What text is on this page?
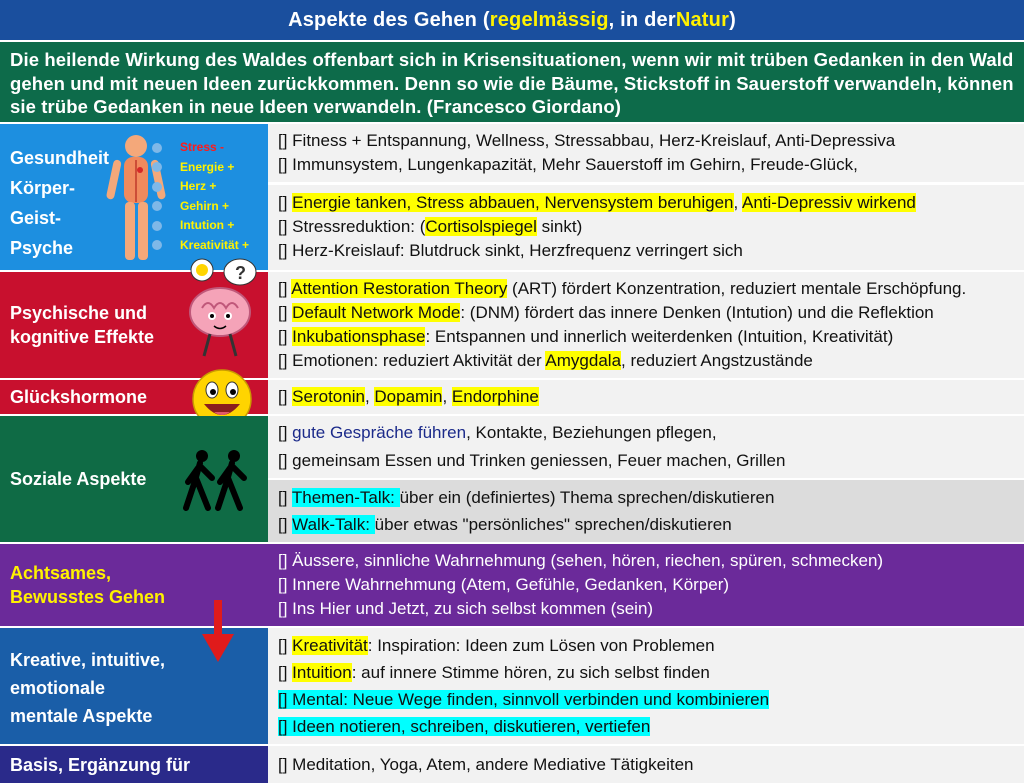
Aspekte des Gehen ( regelmässig , in der Natur )
Die heilende Wirkung des Waldes offenbart sich in Krisensituationen, wenn wir mit trüben Gedanken in den Wald gehen und mit neuen Ideen zurückkommen. Denn so wie die Bäume, Stickstoff in Sauerstoff verwandeln, können sie trübe Gedanken in neue Ideen verwandeln. (Francesco Giordano)
Gesundheit
Körper-
Geist-
Psyche
Stress -
Energie +
Herz +
Gehirn +
Intution +
Kreativität +
[] Fitness + Entspannung, Wellness, Stressabbau, Herz-Kreislauf, Anti-Depressiva
[] Immunsystem, Lungenkapazität, Mehr Sauerstoff im Gehirn, Freude-Glück,
[] Energie tanken, Stress abbauen, Nervensystem beruhigen, Anti-Depressiv wirkend
[] Stressreduktion: (Cortisolspiegel sinkt)
[] Herz-Kreislauf: Blutdruck sinkt, Herzfrequenz verringert sich
Psychische und
kognitive Effekte
?
[] Attention Restoration Theory (ART) fördert Konzentration, reduziert mentale Erschöpfung.
[] Default Network Mode: (DNM) fördert das innere Denken (Intution) und die Reflektion
[] Inkubationsphase: Entspannen und innerlich weiterdenken (Intuition, Kreativität)
[] Emotionen: reduziert Aktivität der Amygdala, reduziert Angstzustände
Glückshormone	[] Serotonin, Dopamin, Endorphine
Soziale Aspekte
[] gute Gespräche führen, Kontakte, Beziehungen pflegen,
[] gemeinsam Essen und Trinken geniessen, Feuer machen, Grillen
[] Themen-Talk: über ein (definiertes) Thema sprechen/diskutieren
[] Walk-Talk: über etwas "persönliches" sprechen/diskutieren
Achtsames,
Bewusstes Gehen
[] Äussere, sinnliche Wahrnehmung (sehen, hören, riechen, spüren, schmecken)
[] Innere Wahrnehmung (Atem, Gefühle, Gedanken, Körper)
[] Ins Hier und Jetzt, zu sich selbst kommen (sein)
Kreative, intuitive,
emotionale
mentale Aspekte
[] Kreativität: Inspiration: Ideen zum Lösen von Problemen
[] Intuition: auf innere Stimme hören, zu sich selbst finden
[] Mental: Neue Wege finden, sinnvoll verbinden und kombinieren
[] Ideen notieren, schreiben, diskutieren, vertiefen
Basis, Ergänzung für	[] Meditation, Yoga, Atem, andere Mediative Tätigkeiten
